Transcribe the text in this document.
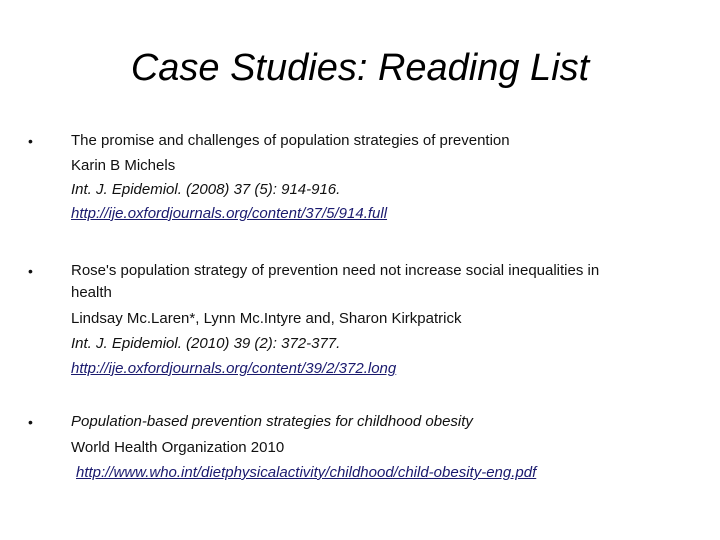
Case Studies: Reading List
•	The promise and challenges of population strategies of prevention
Karin B Michels
Int. J. Epidemiol. (2008) 37 (5): 914-916.
http://ije.oxfordjournals.org/content/37/5/914.full
•	Rose's population strategy of prevention need not increase social inequalities in
health
Lindsay Mc.Laren*, Lynn Mc.Intyre and, Sharon Kirkpatrick
Int. J. Epidemiol. (2010) 39 (2): 372-377.
http://ije.oxfordjournals.org/content/39/2/372.long
•	Population-based prevention strategies for childhood obesity
World Health Organization 2010
http://www.who.int/dietphysicalactivity/childhood/child-obesity-eng.pdf
